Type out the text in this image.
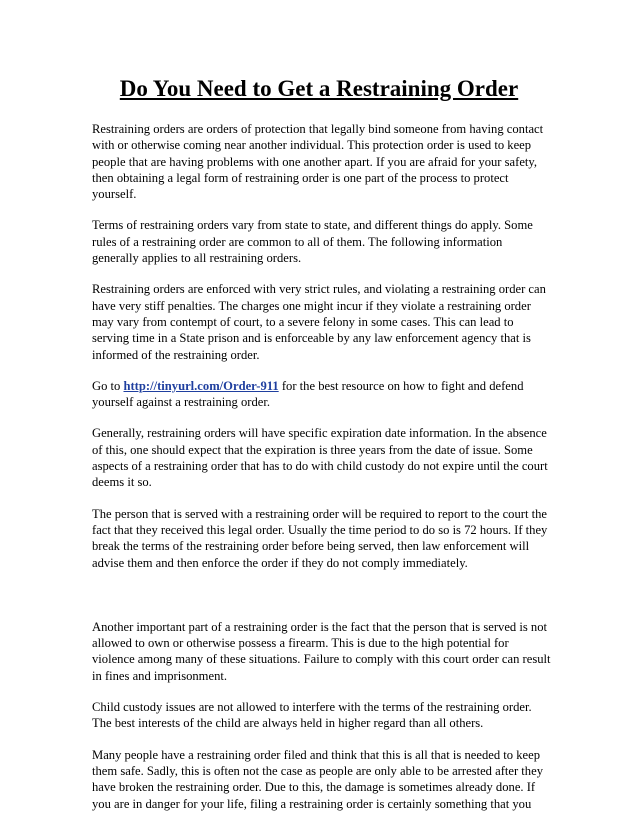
Do You Need to Get a Restraining Order

Restraining orders are orders of protection that legally bind someone from having contact with or otherwise coming near another individual. This protection order is used to keep people that are having problems with one another apart. If you are afraid for your safety, then obtaining a legal form of restraining order is one part of the process to protect yourself.

Terms of restraining orders vary from state to state, and different things do apply. Some rules of a restraining order are common to all of them. The following information generally applies to all restraining orders.

Restraining orders are enforced with very strict rules, and violating a restraining order can have very stiff penalties. The charges one might incur if they violate a restraining order may vary from contempt of court, to a severe felony in some cases. This can lead to serving time in a State prison and is enforceable by any law enforcement agency that is informed of the restraining order.

Go to http://tinyurl.com/Order-911 for the best resource on how to fight and defend yourself against a restraining order.

Generally, restraining orders will have specific expiration date information. In the absence of this, one should expect that the expiration is three years from the date of issue. Some aspects of a restraining order that has to do with child custody do not expire until the court deems it so.

The person that is served with a restraining order will be required to report to the court the fact that they received this legal order. Usually the time period to do so is 72 hours. If they break the terms of the restraining order before being served, then law enforcement will advise them and then enforce the order if they do not comply immediately.

Another important part of a restraining order is the fact that the person that is served is not allowed to own or otherwise possess a firearm. This is due to the high potential for violence among many of these situations. Failure to comply with this court order can result in fines and imprisonment.

Child custody issues are not allowed to interfere with the terms of the restraining order. The best interests of the child are always held in higher regard than all others.

Many people have a restraining order filed and think that this is all that is needed to keep them safe. Sadly, this is often not the case as people are only able to be arrested after they have broken the restraining order. Due to this, the damage is sometimes already done. If you are in danger for your life, filing a restraining order is certainly something that you
